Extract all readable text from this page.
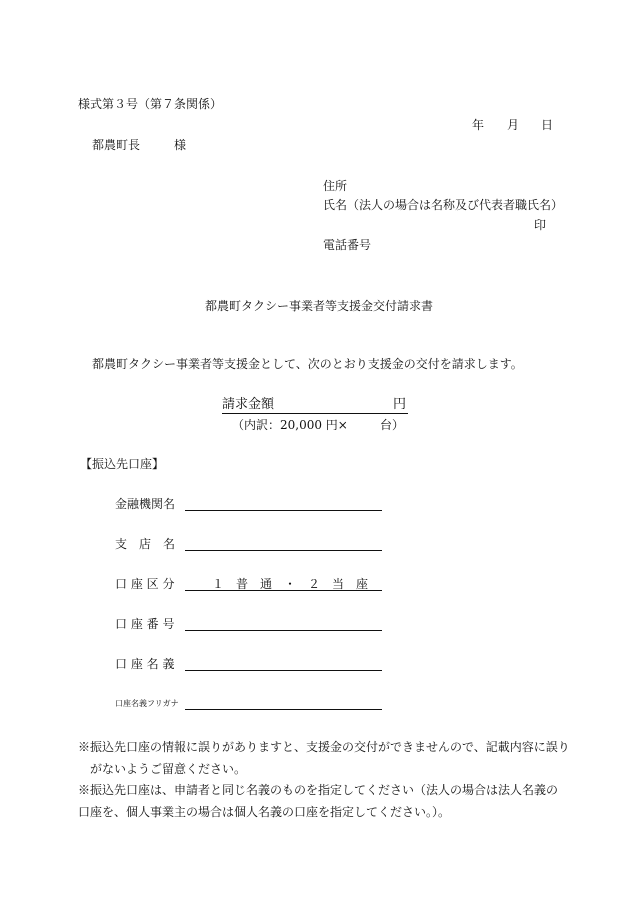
様式第３号（第７条関係）
年 月 日
都農町長	様
住所
氏名（法人の場合は名称及び代表者職氏名）
印
電話番号
都農町タクシー事業者等支援金交付請求書
都農町タクシー事業者等支援金として、次のとおり支援金の交付を請求します。
請求金額	円
（内訳：20,000 円×	台）
【振込先口座】
金融機関名
支　店　名
口 座 区 分	１　普　通　・　２　当　座
口 座 番 号
口 座 名 義
口座名義フリガナ
※振込先口座の情報に誤りがありますと、支援金の交付ができませんので、記載内容に誤りがないようご留意ください。
※振込先口座は、申請者と同じ名義のものを指定してください（法人の場合は法人名義の口座を、個人事業主の場合は個人名義の口座を指定してください。）。
